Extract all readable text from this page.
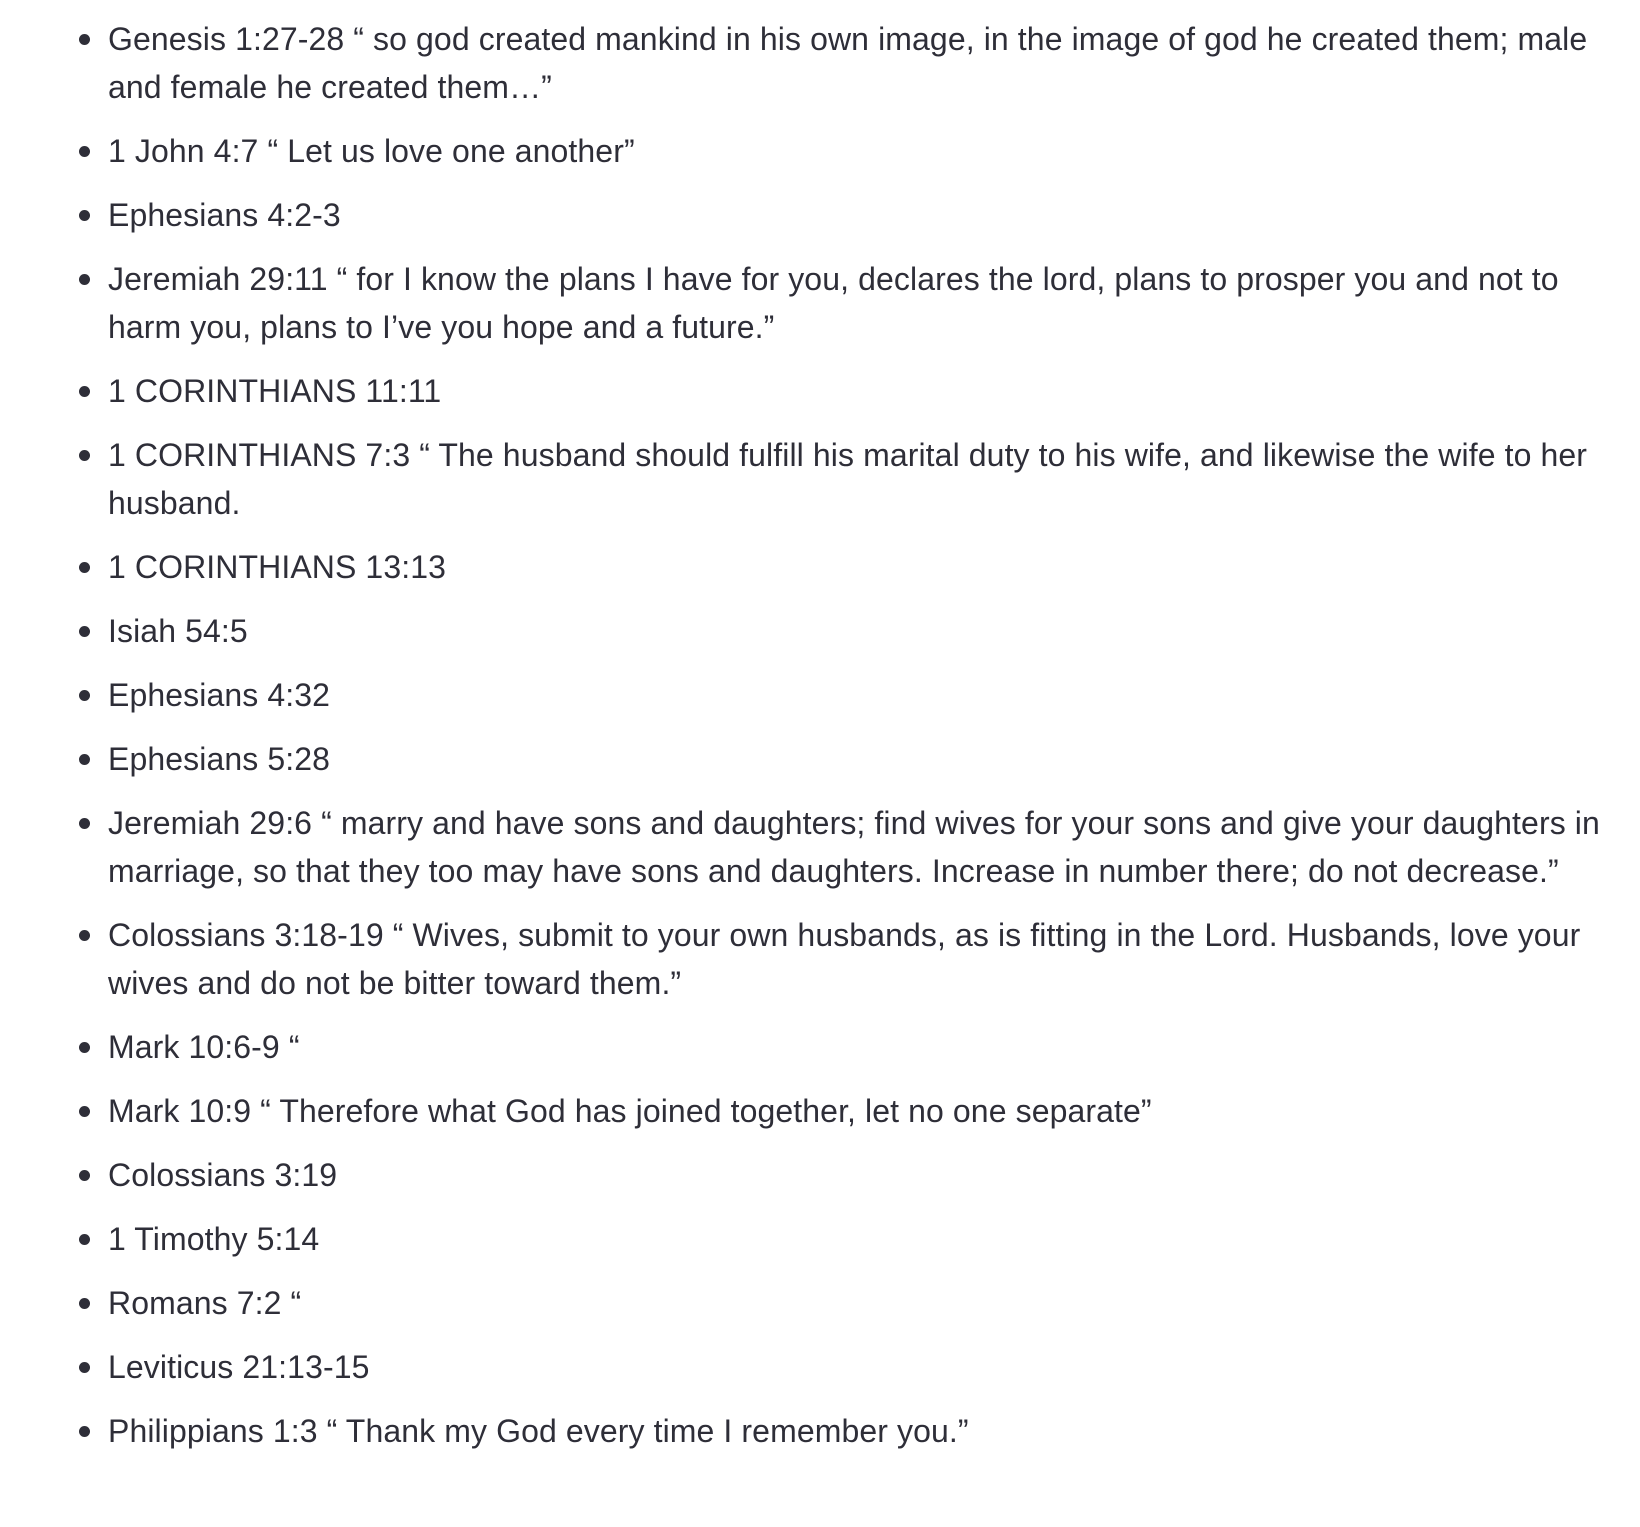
Genesis 1:27-28 “ so god created mankind in his own image, in the image of god he created them; male and female he created them…”
1 John 4:7 “ Let us love one another”
Ephesians 4:2-3
Jeremiah 29:11 “ for I know the plans I have for you, declares the lord, plans to prosper you and not to harm you, plans to I’ve you hope and a future.”
1 CORINTHIANS 11:11
1 CORINTHIANS 7:3 “ The husband should fulfill his marital duty to his wife, and likewise the wife to her husband.
1 CORINTHIANS 13:13
Isiah 54:5
Ephesians 4:32
Ephesians 5:28
Jeremiah 29:6 “ marry and have sons and daughters; find wives for your sons and give your daughters in marriage, so that they too may have sons and daughters. Increase in number there; do not decrease.”
Colossians 3:18-19 “ Wives, submit to your own husbands, as is fitting in the Lord. Husbands, love your wives and do not be bitter toward them.”
Mark 10:6-9 “
Mark 10:9 “ Therefore what God has joined together, let no one separate”
Colossians 3:19
1 Timothy 5:14
Romans 7:2 “
Leviticus 21:13-15
Philippians 1:3 “ Thank my God every time I remember you.”
